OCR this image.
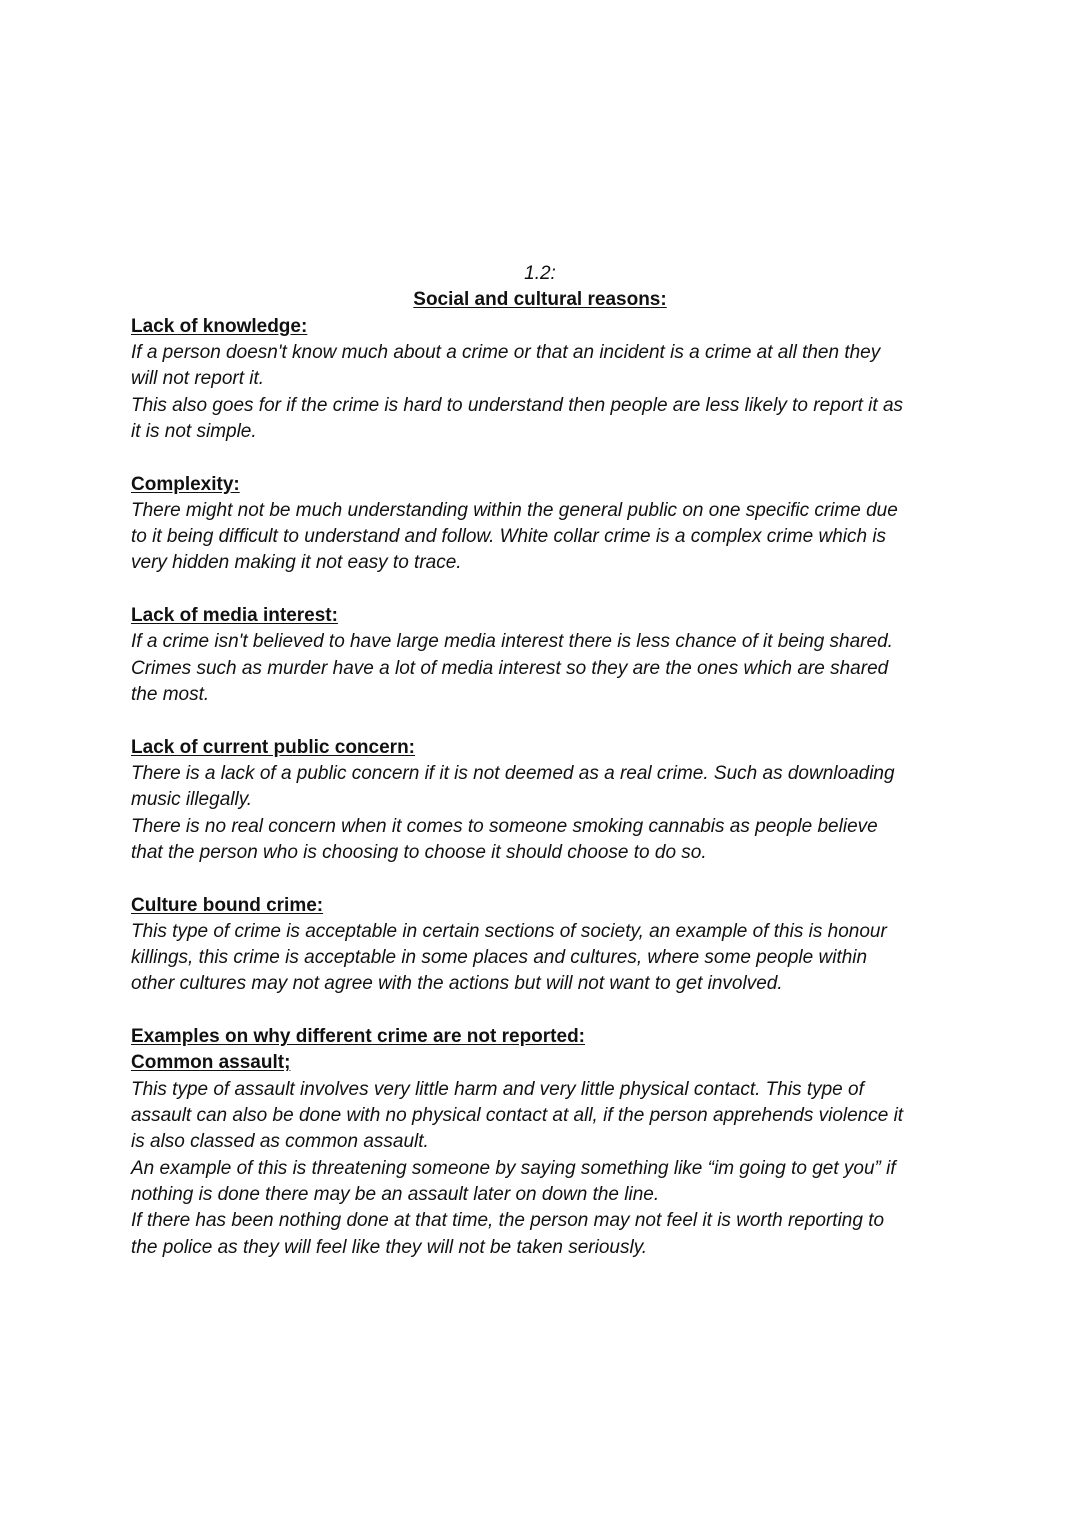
1.2:
Social and cultural reasons:
Lack of knowledge:
If a person doesn't know much about a crime or that an incident is a crime at all then they
will not report it.
This also goes for if the crime is hard to understand then people are less likely to report it as
it is not simple.
Complexity:
There might not be much understanding within the general public on one specific crime due
to it being difficult to understand and follow. White collar crime is a complex crime which is
very hidden making it not easy to trace.
Lack of media interest:
If a crime isn't believed to have large media interest there is less chance of it being shared.
Crimes such as murder have a lot of media interest so they are the ones which are shared
the most.
Lack of current public concern:
There is a lack of a public concern if it is not deemed as a real crime. Such as downloading
music illegally.
There is no real concern when it comes to someone smoking cannabis as people believe
that the person who is choosing to choose it should choose to do so.
Culture bound crime:
This type of crime is acceptable in certain sections of society, an example of this is honour
killings, this crime is acceptable in some places and cultures, where some people within
other cultures may not agree with the actions but will not want to get involved.
Examples on why different crime are not reported:
Common assault;
This type of assault involves very little harm and very little physical contact. This type of
assault can also be done with no physical contact at all, if the person apprehends violence it
is also classed as common assault.
An example of this is threatening someone by saying something like “im going to get you” if
nothing is done there may be an assault later on down the line.
If there has been nothing done at that time, the person may not feel it is worth reporting to
the police as they will feel like they will not be taken seriously.
